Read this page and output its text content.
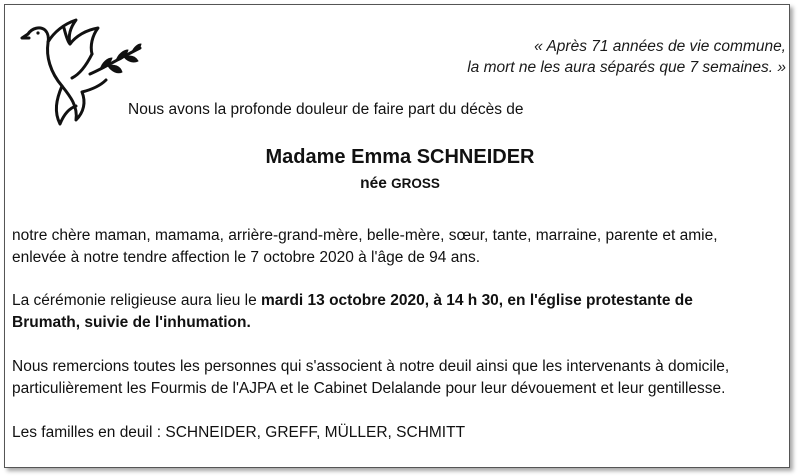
« Après 71 années de vie commune,
la mort ne les aura séparés que 7 semaines. »
Nous avons la profonde douleur de faire part du décès de
Madame Emma SCHNEIDER
née GROSS
notre chère maman, mamama, arrière-grand-mère, belle-mère, sœur, tante, marraine, parente et amie,
enlevée à notre tendre affection le 7 octobre 2020 à l'âge de 94 ans.
La cérémonie religieuse aura lieu le mardi 13 octobre 2020, à 14 h 30, en l'église protestante de
Brumath, suivie de l'inhumation.
Nous remercions toutes les personnes qui s'associent à notre deuil ainsi que les intervenants à domicile,
particulièrement les Fourmis de l'AJPA et le Cabinet Delalande pour leur dévouement et leur gentillesse.
Les familles en deuil : SCHNEIDER, GREFF, MÜLLER, SCHMITT
